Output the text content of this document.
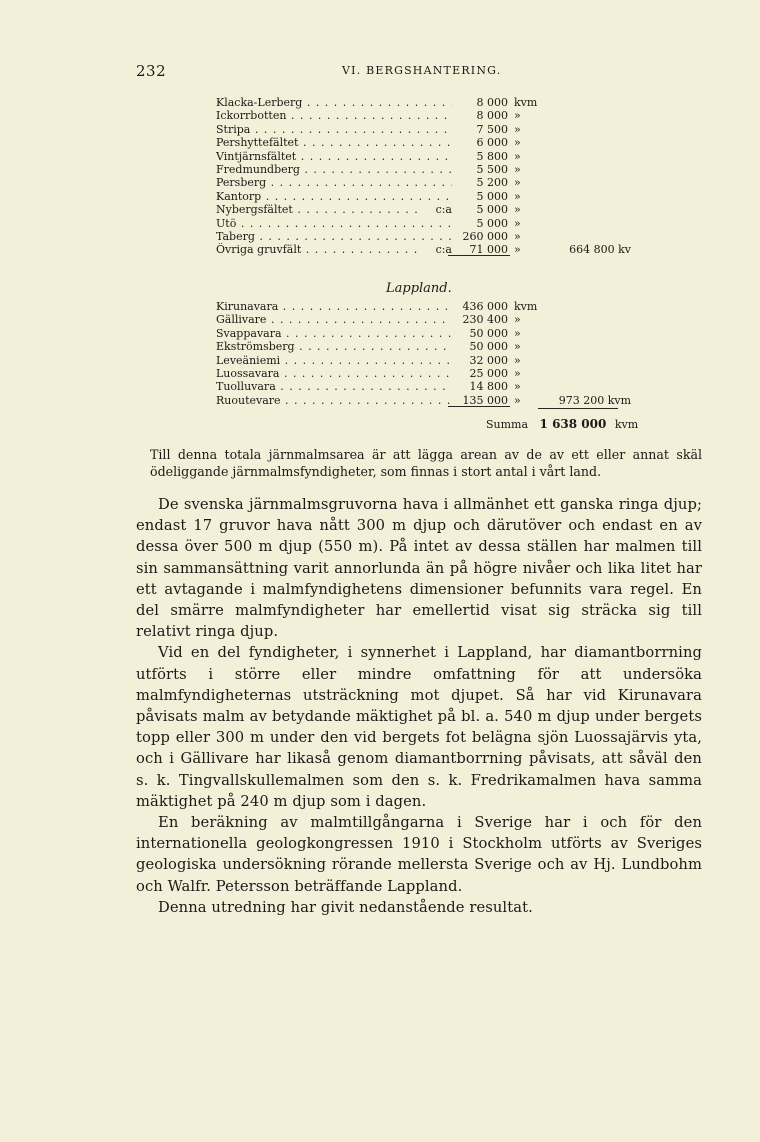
232	VI. BERGSHANTERING.
Klacka-Lerberg . . .	8 000 kvm
Ickorrbotten . . .	8 000 »
Stripa . . .	7 500 »
Pershyttefältet . . .	6 000 »
Vintjärnsfältet . . .	5 800 »
Fredmundberg . . .	5 500 »
Persberg . . .	5 200 »
Kantorp . . .	5 000 »
Nybergsfältet . . .	c:a	5 000 »
Utö . . .	5 000 »
Taberg . . .	260 000 »
Övriga gruvfält . . .	c:a	71 000 »	664 800 kv
Lappland.
Kirunavara . . .	436 000 kvm
Gällivare . . .	230 400 »
Svappavara . . .	50 000 »
Ekströmsberg . . .	50 000 »
Leveäniemi . . .	32 000 »
Luossavara . . .	25 000 »
Tuolluvara . . .	14 800 »
Ruoutevare . . .	135 000 »	973 200 kvm
Summa 1 638 000 kvm

Till denna totala järnmalmsarea är att lägga arean av de av ett eller annat skäl ödeliggande järnmalmsfyndigheter, som finnas i stort antal i vårt land.

De svenska järnmalmsgruvorna hava i allmänhet ett ganska ringa djup; endast 17 gruvor hava nått 300 m djup och därutöver och endast en av dessa över 500 m djup (550 m). På intet av dessa ställen har malmen till sin sammansättning varit annorlunda än på högre nivåer och lika litet har ett avtagande i malmfyndighetens dimensioner befunnits vara regel. En del smärre malmfyndigheter har emellertid visat sig sträcka sig till relativt ringa djup.

Vid en del fyndigheter, i synnerhet i Lappland, har diamantborrning utförts i större eller mindre omfattning för att undersöka malmfyndigheternas utsträckning mot djupet. Så har vid Kirunavara påvisats malm av betydande mäktighet på bl. a. 540 m djup under bergets topp eller 300 m under den vid bergets fot belägna sjön Luossajärvis yta, och i Gällivare har likaså genom diamantborrning påvisats, att såväl den s. k. Tingvallskullemalmen som den s. k. Fredrikamalmen hava samma mäktighet på 240 m djup som i dagen.

En beräkning av malmtillgångarna i Sverige har i och för den internationella geologkongressen 1910 i Stockholm utförts av Sveriges geologiska undersökning rörande mellersta Sverige och av Hj. Lundbohm och Walfr. Petersson beträffande Lappland.

Denna utredning har givit nedanstående resultat.
